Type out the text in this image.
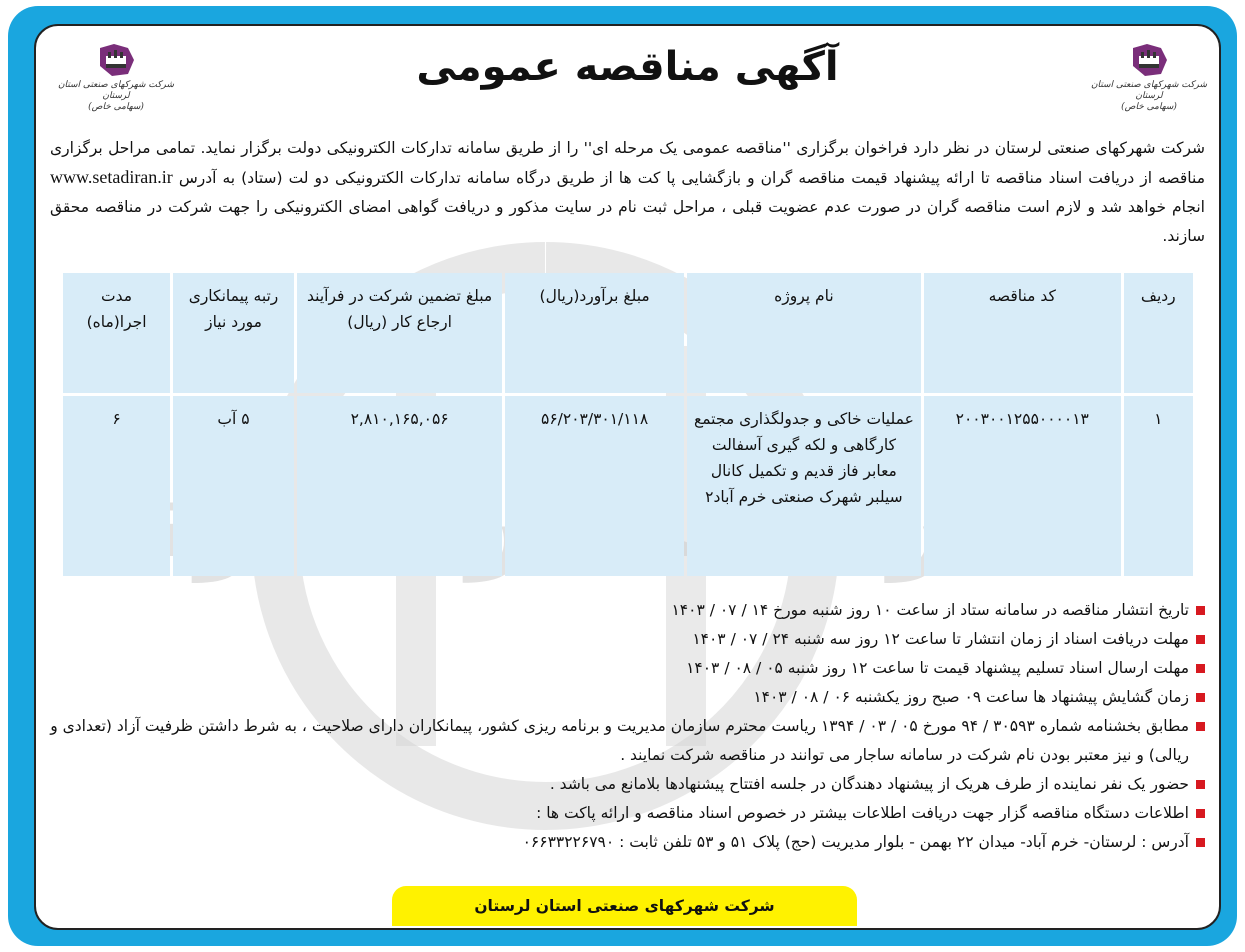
شرکت شهرکهای صنعتی استان لرستان
(سهامی خاص)
آگهی مناقصه عمومی
شرکت شهرکهای صنعتی استان لرستان
(سهامی خاص)
شرکت شهرکهای صنعتی لرستان در نظر دارد فراخوان برگزاری ''مناقصه عمومی یک مرحله ای'' را از طریق سامانه تدارکات الکترونیکی دولت برگزار نماید. تمامی مراحل برگزاری مناقصه از دریافت اسناد مناقصه تا ارائه پیشنهاد قیمت مناقصه گران و بازگشایی پا کت ها از طریق درگاه سامانه تدارکات الکترونیکی دو لت (ستاد) به آدرس www.setadiran.ir انجام خواهد شد و لازم است مناقصه گران در صورت عدم عضویت قبلی ، مراحل ثبت نام در سایت مذکور و دریافت گواهی امضای الکترونیکی را جهت شرکت در مناقصه محقق سازند.
ردیف	کد مناقصه	نام پروژه	مبلغ برآورد(ریال)	مبلغ تضمین شرکت در فرآیند ارجاع کار (ریال)	رتبه پیمانکاری مورد نیاز	مدت اجرا(ماه)
۱	۲۰۰۳۰۰۱۲۵۵۰۰۰۰۱۳	عملیات خاکی و جدولگذاری مجتمع کارگاهی و لکه گیری آسفالت معابر فاز قدیم و تکمیل کانال سیلبر شهرک صنعتی خرم آباد۲	۵۶/۲۰۳/۳۰۱/۱۱۸	۲,۸۱۰,۱۶۵,۰۵۶	۵ آب	۶
تاریخ انتشار مناقصه در سامانه ستاد از ساعت ۱۰ روز شنبه مورخ ۱۴ / ۰۷ / ۱۴۰۳
مهلت دریافت اسناد از زمان انتشار تا ساعت ۱۲ روز سه شنبه ۲۴ / ۰۷ / ۱۴۰۳
مهلت ارسال اسناد تسلیم پیشنهاد قیمت تا ساعت ۱۲ روز شنبه ۰۵ / ۰۸ / ۱۴۰۳
زمان گشایش پیشنهاد ها ساعت ۰۹ صبح روز یکشنبه ۰۶ / ۰۸ / ۱۴۰۳
مطابق بخشنامه شماره ۳۰۵۹۳ / ۹۴ مورخ ۰۵ / ۰۳ / ۱۳۹۴ ریاست محترم سازمان مدیریت و برنامه ریزی کشور، پیمانکاران دارای صلاحیت ، به شرط داشتن ظرفیت آزاد (تعدادی و ریالی) و نیز معتبر بودن نام شرکت در سامانه ساجار می توانند در مناقصه شرکت نمایند .
حضور یک نفر نماینده از طرف هریک از پیشنهاد دهندگان در جلسه افتتاح پیشنهادها بلامانع می باشد .
اطلاعات دستگاه مناقصه گزار جهت دریافت اطلاعات بیشتر در خصوص اسناد مناقصه و ارائه پاکت ها :
آدرس : لرستان- خرم آباد- میدان ۲۲ بهمن - بلوار مدیریت (حج) پلاک ۵۱ و ۵۳ تلفن ثابت : ۰۶۶۳۳۲۲۶۷۹۰
شرکت شهرکهای صنعتی استان لرستان
